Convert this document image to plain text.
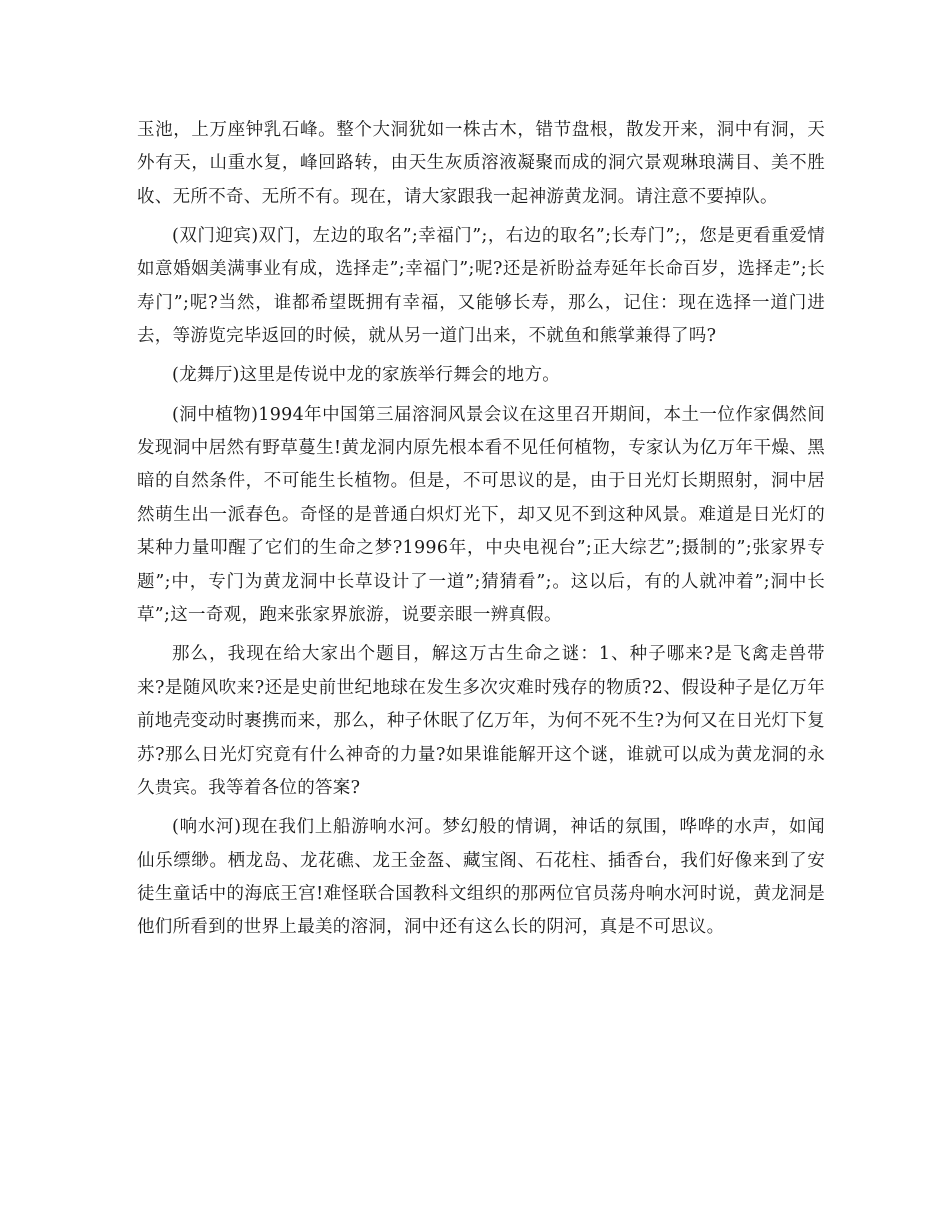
玉池，上万座钟乳石峰。整个大洞犹如一株古木，错节盘根，散发开来，洞中有洞，天外有天，山重水复，峰回路转，由天生灰质溶液凝聚而成的洞穴景观琳琅满目、美不胜收、无所不奇、无所不有。现在，请大家跟我一起神游黄龙洞。请注意不要掉队。

(双门迎宾)双门，左边的取名”;幸福门”;，右边的取名”;长寿门”;，您是更看重爱情如意婚姻美满事业有成，选择走”;幸福门”;呢?还是祈盼益寿延年长命百岁，选择走”;长寿门”;呢?当然，谁都希望既拥有幸福，又能够长寿，那么，记住：现在选择一道门进去，等游览完毕返回的时候，就从另一道门出来，不就鱼和熊掌兼得了吗?

(龙舞厅)这里是传说中龙的家族举行舞会的地方。

(洞中植物)1994年中国第三届溶洞风景会议在这里召开期间，本土一位作家偶然间发现洞中居然有野草蔓生!黄龙洞内原先根本看不见任何植物，专家认为亿万年干燥、黑暗的自然条件，不可能生长植物。但是，不可思议的是，由于日光灯长期照射，洞中居然萌生出一派春色。奇怪的是普通白炽灯光下，却又见不到这种风景。难道是日光灯的某种力量叩醒了它们的生命之梦?1996年，中央电视台”;正大综艺”;摄制的”;张家界专题”;中，专门为黄龙洞中长草设计了一道”;猜猜看”;。这以后，有的人就冲着”;洞中长草”;这一奇观，跑来张家界旅游，说要亲眼一辨真假。

那么，我现在给大家出个题目，解这万古生命之谜：1、种子哪来?是飞禽走兽带来?是随风吹来?还是史前世纪地球在发生多次灾难时残存的物质?2、假设种子是亿万年前地壳变动时裹携而来，那么，种子休眠了亿万年，为何不死不生?为何又在日光灯下复苏?那么日光灯究竟有什么神奇的力量?如果谁能解开这个谜，谁就可以成为黄龙洞的永久贵宾。我等着各位的答案?

(响水河)现在我们上船游响水河。梦幻般的情调，神话的氛围，哗哗的水声，如闻仙乐缥缈。栖龙岛、龙花礁、龙王金盔、藏宝阁、石花柱、插香台，我们好像来到了安徒生童话中的海底王宫!难怪联合国教科文组织的那两位官员荡舟响水河时说，黄龙洞是他们所看到的世界上最美的溶洞，洞中还有这么长的阴河，真是不可思议。
